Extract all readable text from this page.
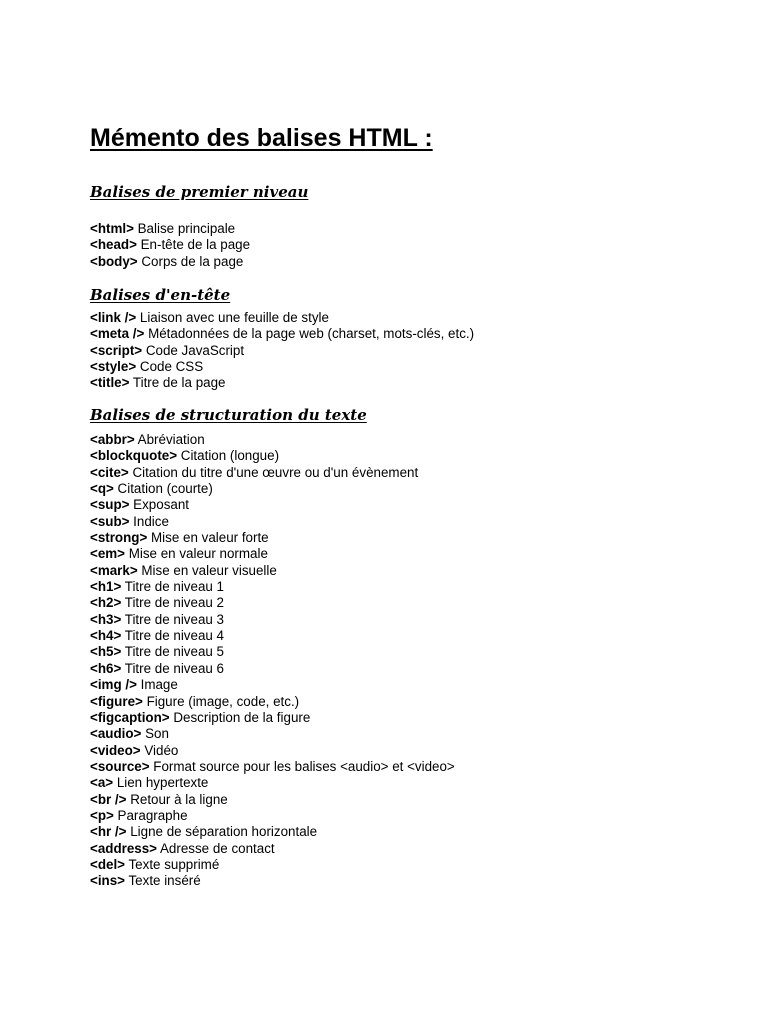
Mémento des balises HTML :
Balises de premier niveau
<html> Balise principale
<head> En-tête de la page
<body> Corps de la page
Balises d'en-tête
<link /> Liaison avec une feuille de style
<meta /> Métadonnées de la page web (charset, mots-clés, etc.)
<script> Code JavaScript
<style> Code CSS
<title> Titre de la page
Balises de structuration du texte
<abbr> Abréviation
<blockquote> Citation (longue)
<cite> Citation du titre d'une œuvre ou d'un évènement
<q> Citation (courte)
<sup> Exposant
<sub> Indice
<strong> Mise en valeur forte
<em> Mise en valeur normale
<mark> Mise en valeur visuelle
<h1> Titre de niveau 1
<h2> Titre de niveau 2
<h3> Titre de niveau 3
<h4> Titre de niveau 4
<h5> Titre de niveau 5
<h6> Titre de niveau 6
<img /> Image
<figure> Figure (image, code, etc.)
<figcaption> Description de la figure
<audio> Son
<video> Vidéo
<source> Format source pour les balises <audio> et <video>
<a> Lien hypertexte
<br /> Retour à la ligne
<p> Paragraphe
<hr /> Ligne de séparation horizontale
<address> Adresse de contact
<del> Texte supprimé
<ins> Texte inséré
